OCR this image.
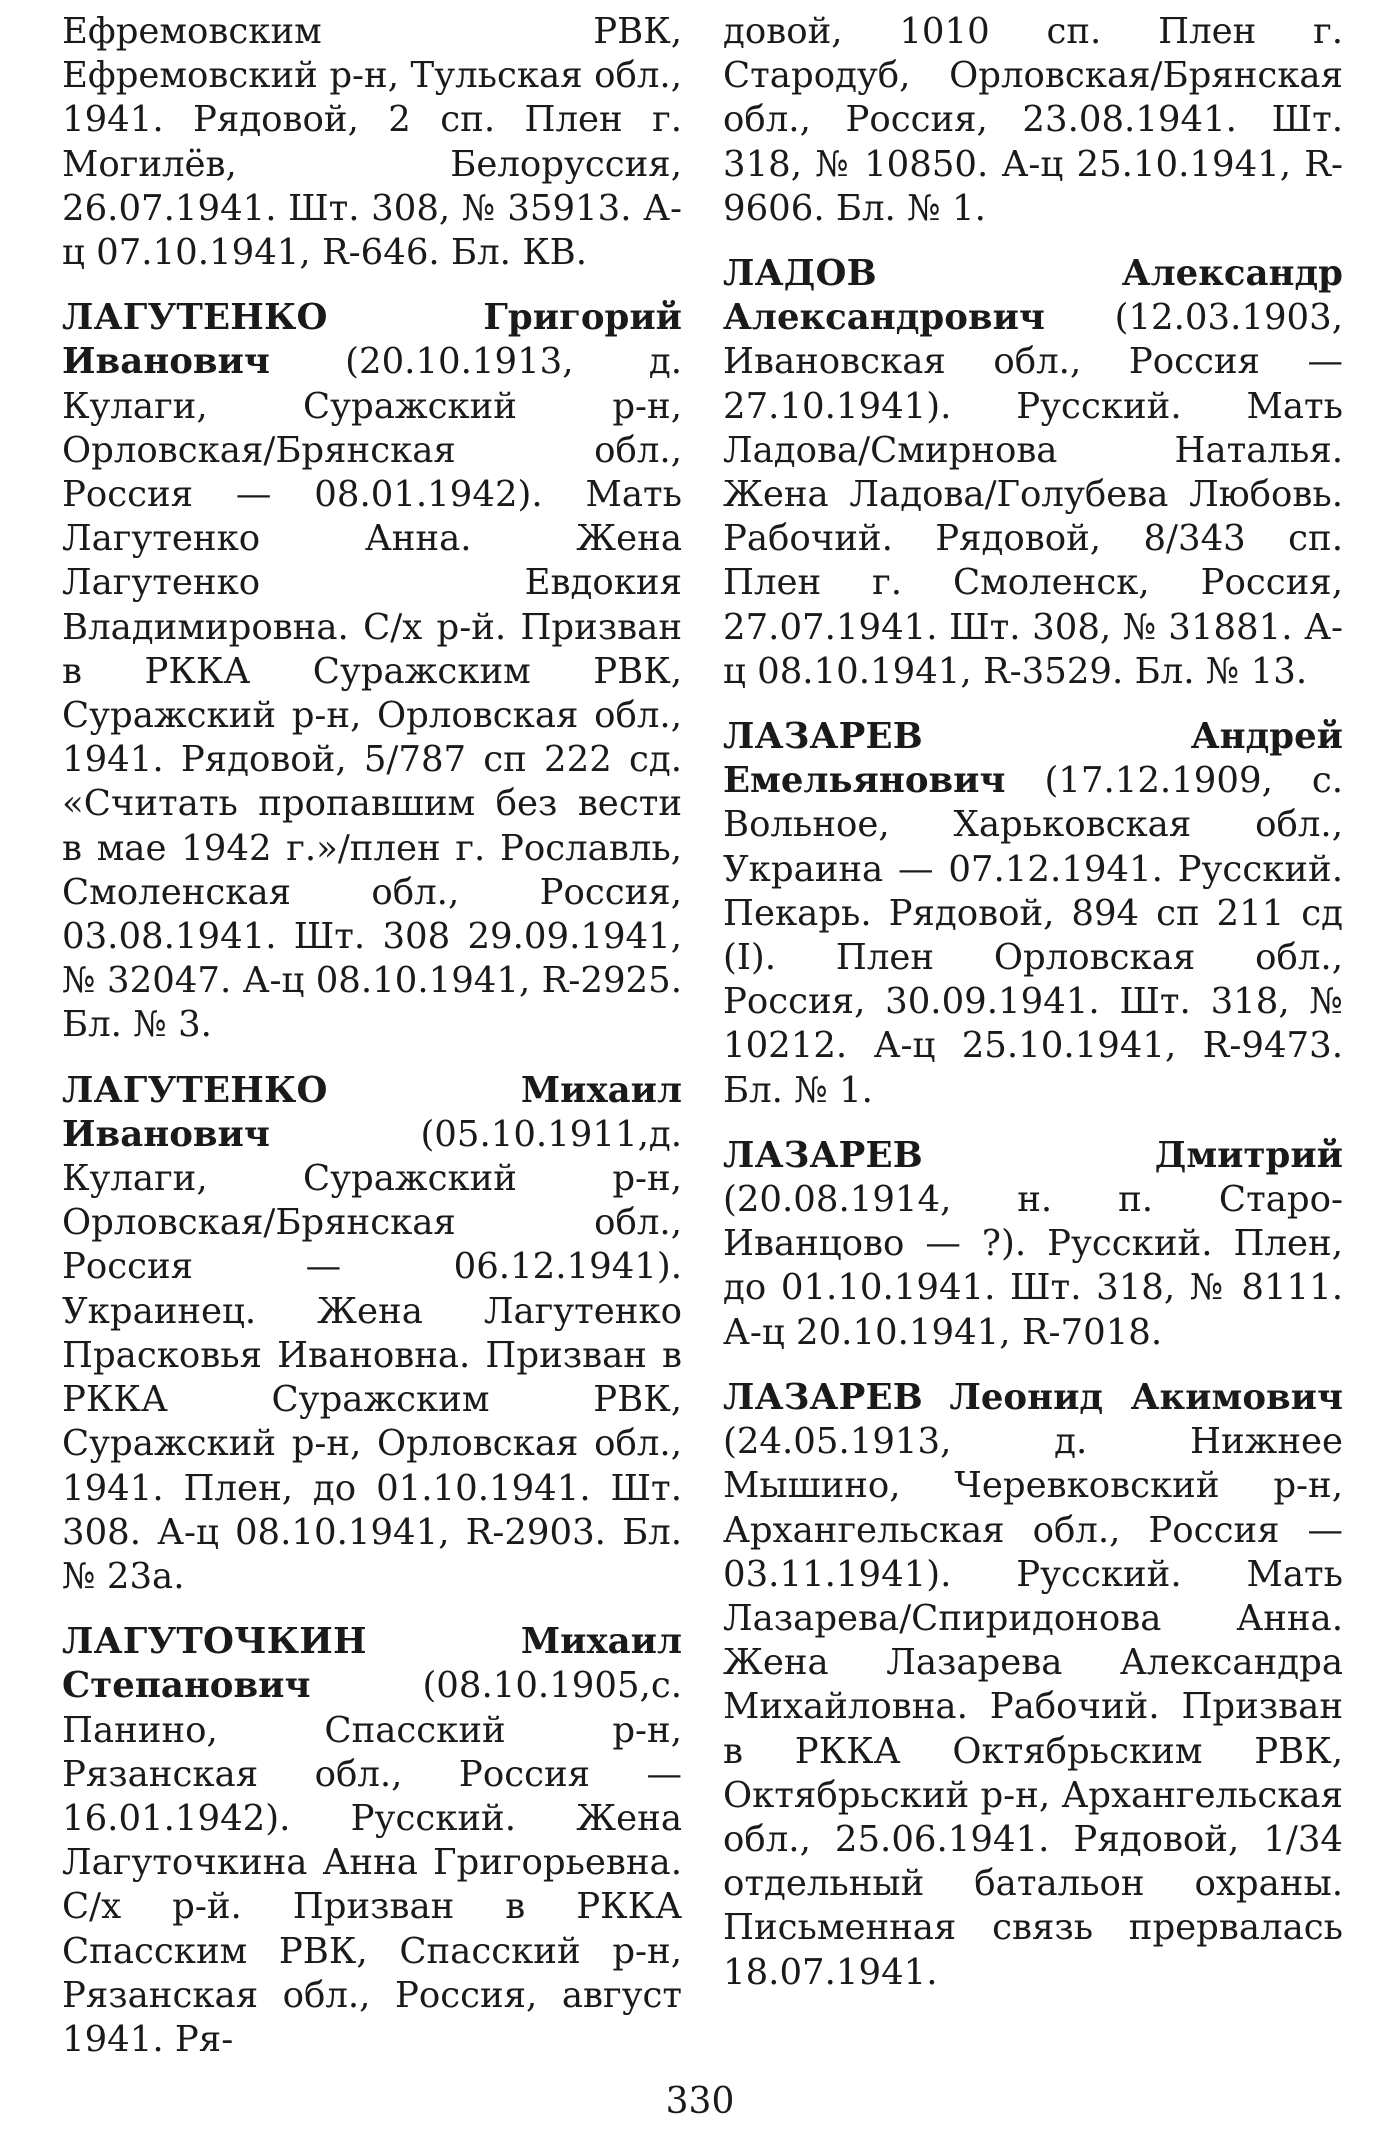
Ефремовским РВК, Ефремовский р-н, Тульская обл., 1941. Рядовой, 2 сп. Плен г. Могилёв, Белоруссия, 26.07.1941. Шт. 308, № 35913. А-ц 07.10.1941, R-646. Бл. КВ.

ЛАГУТЕНКО	Григорий Иванович (20.10.1913, д. Кулаги, Суражский р-н, Орловская/Брянская обл., Россия — 08.01.1942). Мать Лагутенко Анна. Жена Лагутенко Евдокия Владимировна. С/х р-й. Призван в РККА Суражским РВК, Суражский р-н, Орловская обл., 1941. Рядовой, 5/787 сп 222 сд. «Считать пропавшим без вести в мае 1942 г.»/плен г. Рославль, Смоленская обл., Россия, 03.08.1941. Шт. 308 29.09.1941, № 32047. А-ц 08.10.1941, R-2925. Бл. № 3.

ЛАГУТЕНКО	Михаил Иванович (05.10.1911,д. Кулаги, Суражский р-н, Орловская/Брянская обл., Россия — 06.12.1941). Украинец. Жена Лагутенко Прасковья Ивановна. Призван в РККА Суражским РВК, Суражский р-н, Орловская обл., 1941. Плен, до 01.10.1941. Шт. 308. А-ц 08.10.1941, R-2903. Бл. № 23а.

ЛАГУТОЧКИН	Михаил Степанович (08.10.1905,с. Панино, Спасский р-н, Рязанская обл., Россия — 16.01.1942). Русский. Жена Лагуточкина Анна Григорьевна. С/х р-й. Призван в РККА Спасским РВК, Спасский р-н, Рязанская обл., Россия, август 1941. Ря-

довой, 1010 сп. Плен г. Стародуб, Орловская/Брянская обл., Россия, 23.08.1941. Шт. 318, № 10850. А-ц 25.10.1941, R-9606. Бл. № 1.

ЛАДОВ	Александр Александрович (12.03.1903, Ивановская обл., Россия — 27.10.1941). Русский. Мать Ладова/Смирнова Наталья. Жена Ладова/Голубева Любовь. Рабочий. Рядовой, 8/343 сп. Плен г. Смоленск, Россия, 27.07.1941. Шт. 308, № 31881. А-ц 08.10.1941, R-3529. Бл. № 13.

ЛАЗАРЕВ	Андрей Емельянович (17.12.1909, с. Вольное, Харьковская обл., Украина — 07.12.1941. Русский. Пекарь. Рядовой, 894 сп 211 сд (I). Плен Орловская обл., Россия, 30.09.1941. Шт. 318, № 10212. А-ц 25.10.1941, R-9473. Бл. № 1.

ЛАЗАРЕВ	Дмитрий (20.08.1914, н. п. Старо-Иванцово — ?). Русский. Плен, до 01.10.1941. Шт. 318, № 8111. А-ц 20.10.1941, R-7018.

ЛАЗАРЕВ Леонид Акимович (24.05.1913, д. Нижнее Мышино, Черевковский р-н, Архангельская обл., Россия — 03.11.1941). Русский. Мать Лазарева/Спиридонова Анна. Жена Лазарева Александра Михайловна. Рабочий. Призван в РККА Октябрьским РВК, Октябрьский р-н, Архангельская обл., 25.06.1941. Рядовой, 1/34 отдельный батальон охраны. Письменная связь прервалась 18.07.1941.

330
